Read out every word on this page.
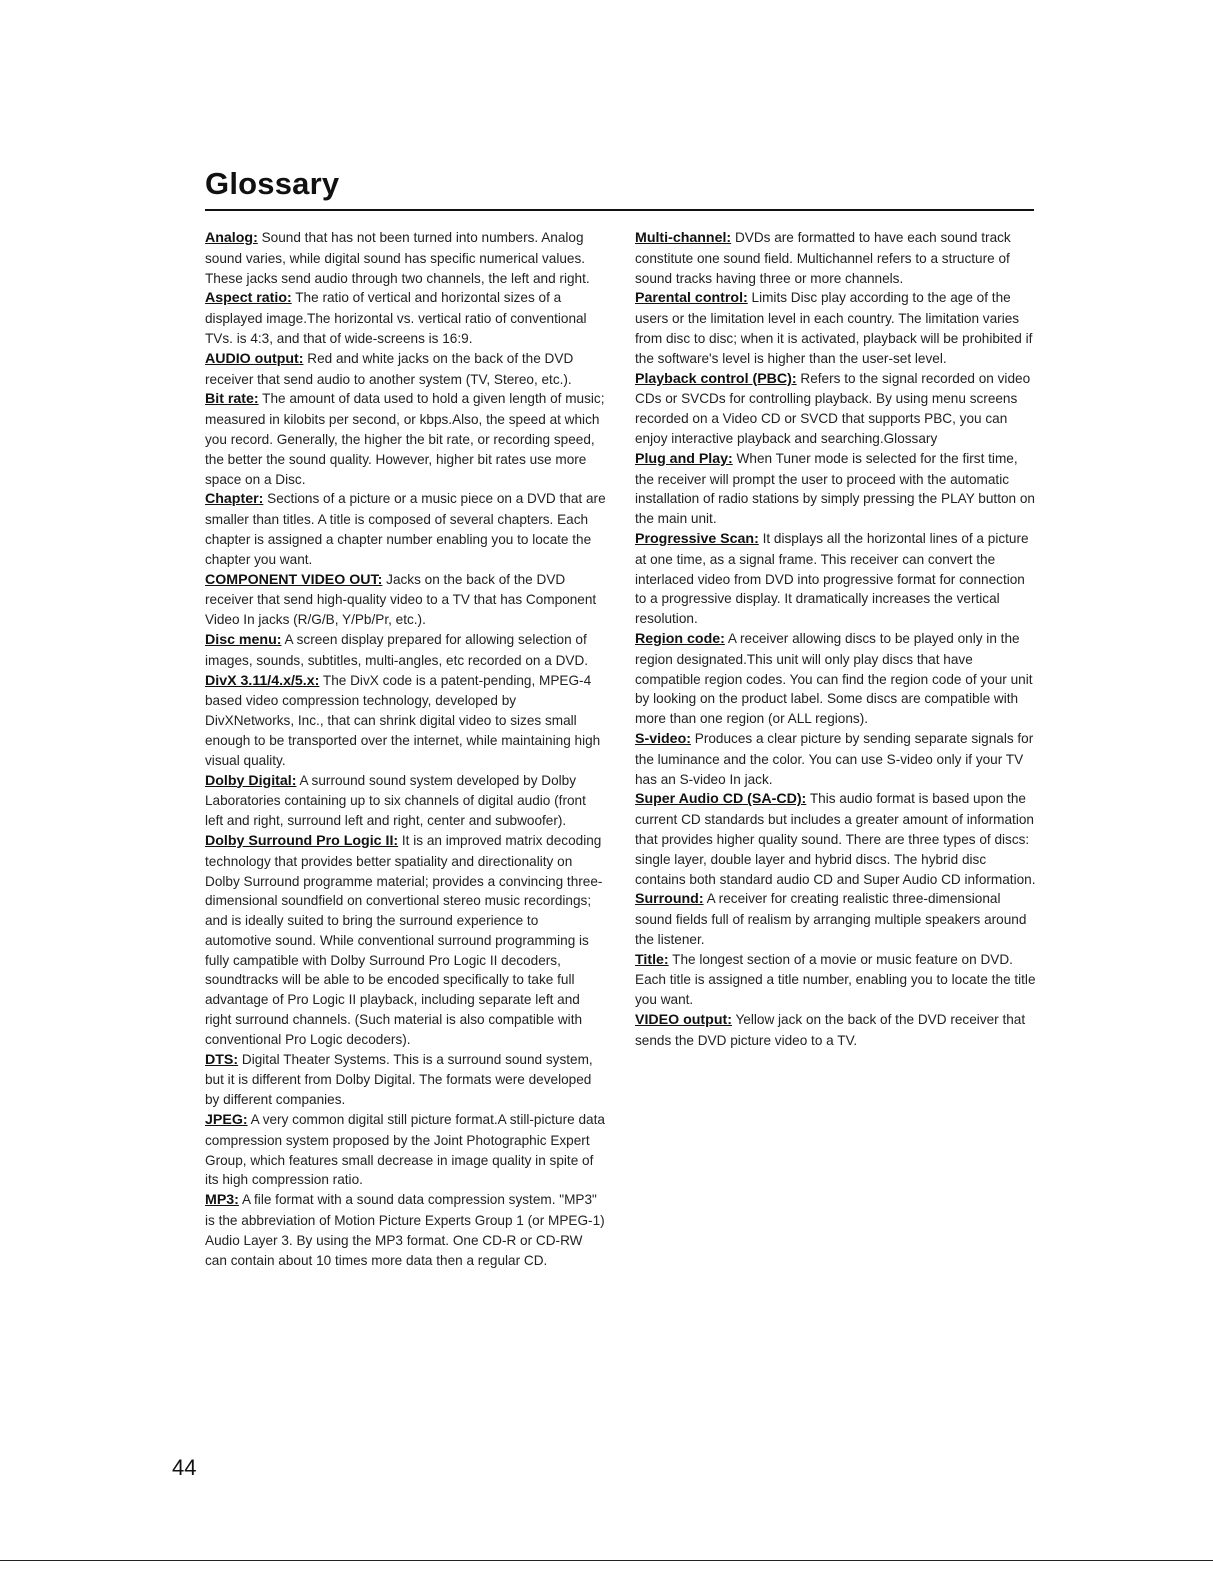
Glossary

Analog: Sound that has not been turned into numbers. Analog sound varies, while digital sound has specific numerical values. These jacks send audio through two channels, the left and right.

Aspect ratio: The ratio of vertical and horizontal sizes of a displayed image.The horizontal vs. vertical ratio of conventional TVs. is 4:3, and that of wide-screens is 16:9.

AUDIO output: Red and white jacks on the back of the DVD receiver that send audio to another system (TV, Stereo, etc.).

Bit rate: The amount of data used to hold a given length of music; measured in kilobits per second, or kbps.Also, the speed at which you record. Generally, the higher the bit rate, or recording speed, the better the sound quality. However, higher bit rates use more space on a Disc.

Chapter: Sections of a picture or a music piece on a DVD that are smaller than titles. A title is composed of several chapters. Each chapter is assigned a chapter number enabling you to locate the chapter you want.

COMPONENT VIDEO OUT: Jacks on the back of the DVD receiver that send high-quality video to a TV that has Component Video In jacks (R/G/B, Y/Pb/Pr, etc.).

Disc menu: A screen display prepared for allowing selection of images, sounds, subtitles, multi-angles, etc recorded on a DVD.

DivX 3.11/4.x/5.x: The DivX code is a patent-pending, MPEG-4 based video compression technology, developed by DivXNetworks, Inc., that can shrink digital video to sizes small enough to be transported over the internet, while maintaining high visual quality.

Dolby Digital: A surround sound system developed by Dolby Laboratories containing up to six channels of digital audio (front left and right, surround left and right, center and subwoofer).

Dolby Surround Pro Logic II: It is an improved matrix decoding technology that provides better spatiality and directionality on Dolby Surround programme material; provides a convincing three-dimensional soundfield on convertional stereo music recordings; and is ideally suited to bring the surround experience to automotive sound. While conventional surround programming is fully campatible with Dolby Surround Pro Logic II decoders, soundtracks will be able to be encoded specifically to take full advantage of Pro Logic II playback, including separate left and right surround channels. (Such material is also compatible with conventional Pro Logic decoders).

DTS: Digital Theater Systems. This is a surround sound system, but it is different from Dolby Digital. The formats were developed by different companies.

JPEG: A very common digital still picture format.A still-picture data compression system proposed by the Joint Photographic Expert Group, which features small decrease in image quality in spite of its high compression ratio.

MP3: A file format with a sound data compression system. "MP3" is the abbreviation of Motion Picture Experts Group 1 (or MPEG-1) Audio Layer 3. By using the MP3 format. One CD-R or CD-RW can contain about 10 times more data then a regular CD.

Multi-channel: DVDs are formatted to have each sound track constitute one sound field. Multichannel refers to a structure of sound tracks having three or more channels.

Parental control: Limits Disc play according to the age of the users or the limitation level in each country. The limitation varies from disc to disc; when it is activated, playback will be prohibited if the software's level is higher than the user-set level.

Playback control (PBC): Refers to the signal recorded on video CDs or SVCDs for controlling playback. By using menu screens recorded on a Video CD or SVCD that supports PBC, you can enjoy interactive playback and searching.Glossary

Plug and Play: When Tuner mode is selected for the first time, the receiver will prompt the user to proceed with the automatic installation of radio stations by simply pressing the PLAY button on the main unit.

Progressive Scan: It displays all the horizontal lines of a picture at one time, as a signal frame. This receiver can convert the interlaced video from DVD into progressive format for connection to a progressive display. It dramatically increases the vertical resolution.

Region code: A receiver allowing discs to be played only in the region designated.This unit will only play discs that have compatible region codes. You can find the region code of your unit by looking on the product label. Some discs are compatible with more than one region (or ALL regions).

S-video: Produces a clear picture by sending separate signals for the luminance and the color. You can use S-video only if your TV has an S-video In jack.

Super Audio CD (SA-CD): This audio format is based upon the current CD standards but includes a greater amount of information that provides higher quality sound. There are three types of discs: single layer, double layer and hybrid discs. The hybrid disc contains both standard audio CD and Super Audio CD information.

Surround: A receiver for creating realistic three-dimensional sound fields full of realism by arranging multiple speakers around the listener.

Title: The longest section of a movie or music feature on DVD. Each title is assigned a title number, enabling you to locate the title you want.

VIDEO output: Yellow jack on the back of the DVD receiver that sends the DVD picture video to a TV.

44
